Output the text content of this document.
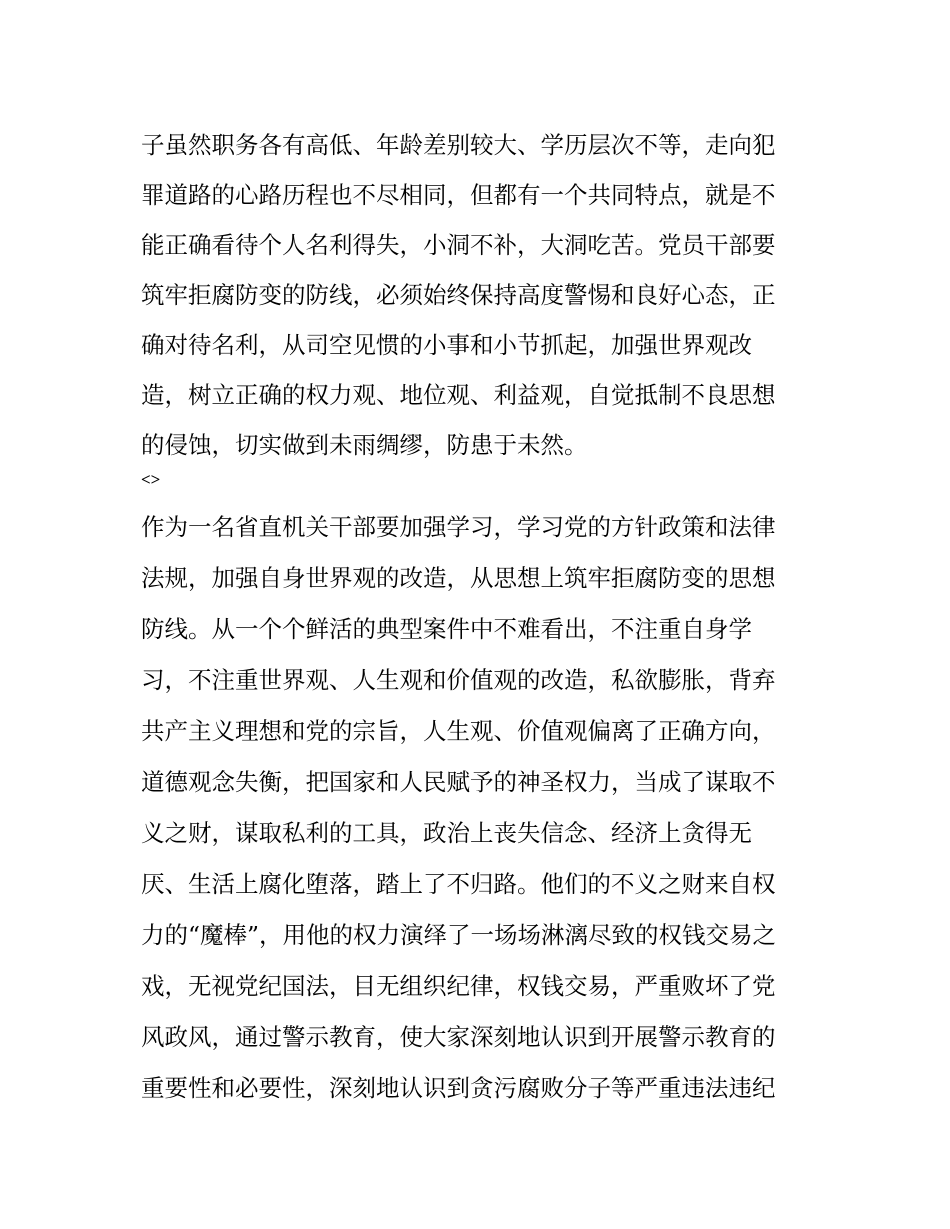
子虽然职务各有高低、年龄差别较大、学历层次不等，走向犯
罪道路的心路历程也不尽相同，但都有一个共同特点，就是不
能正确看待个人名利得失，小洞不补，大洞吃苦。党员干部要
筑牢拒腐防变的防线，必须始终保持高度警惕和良好心态，正
确对待名利，从司空见惯的小事和小节抓起，加强世界观改
造，树立正确的权力观、地位观、利益观，自觉抵制不良思想
的侵蚀，切实做到未雨绸缪，防患于未然。
<>
作为一名省直机关干部要加强学习，学习党的方针政策和法律
法规，加强自身世界观的改造，从思想上筑牢拒腐防变的思想
防线。从一个个鲜活的典型案件中不难看出，不注重自身学
习，不注重世界观、人生观和价值观的改造，私欲膨胀，背弃
共产主义理想和党的宗旨，人生观、价值观偏离了正确方向，
道德观念失衡，把国家和人民赋予的神圣权力，当成了谋取不
义之财，谋取私利的工具，政治上丧失信念、经济上贪得无
厌、生活上腐化堕落，踏上了不归路。他们的不义之财来自权
力的“魔棒”，用他的权力演绎了一场场淋漓尽致的权钱交易之
戏，无视党纪国法，目无组织纪律，权钱交易，严重败坏了党
风政风，通过警示教育，使大家深刻地认识到开展警示教育的
重要性和必要性，深刻地认识到贪污腐败分子等严重违法违纪
